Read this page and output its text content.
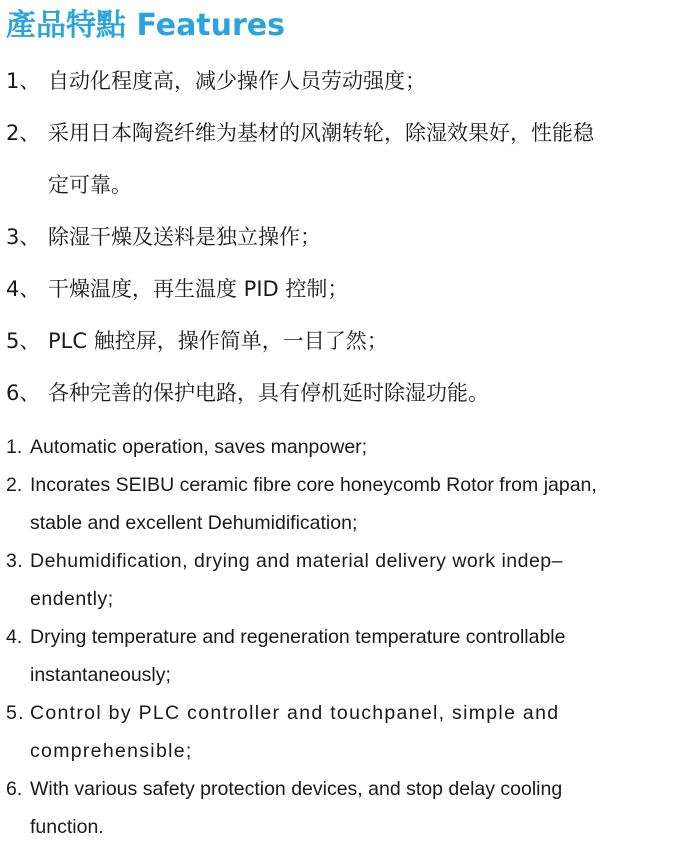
產品特點 Features
1、 自动化程度高，减少操作人员劳动强度；
2、 采用日本陶瓷纤维为基材的风潮转轮，除湿效果好，性能稳
定可靠。
3、 除湿干燥及送料是独立操作；
4、 干燥温度，再生温度 PID 控制；
5、 PLC 触控屏，操作简单，一目了然；
6、 各种完善的保护电路，具有停机延时除湿功能。
1. Automatic operation, saves manpower;
2. Incorates SEIBU ceramic fibre core honeycomb Rotor from japan,
stable and excellent Dehumidification;
3. Dehumidification, drying and material delivery work indep–
endently;
4. Drying temperature and regeneration temperature controllable
instantaneously;
5. Control by PLC controller and touchpanel, simple and
comprehensible;
6. With various safety protection devices, and stop delay cooling
function.
